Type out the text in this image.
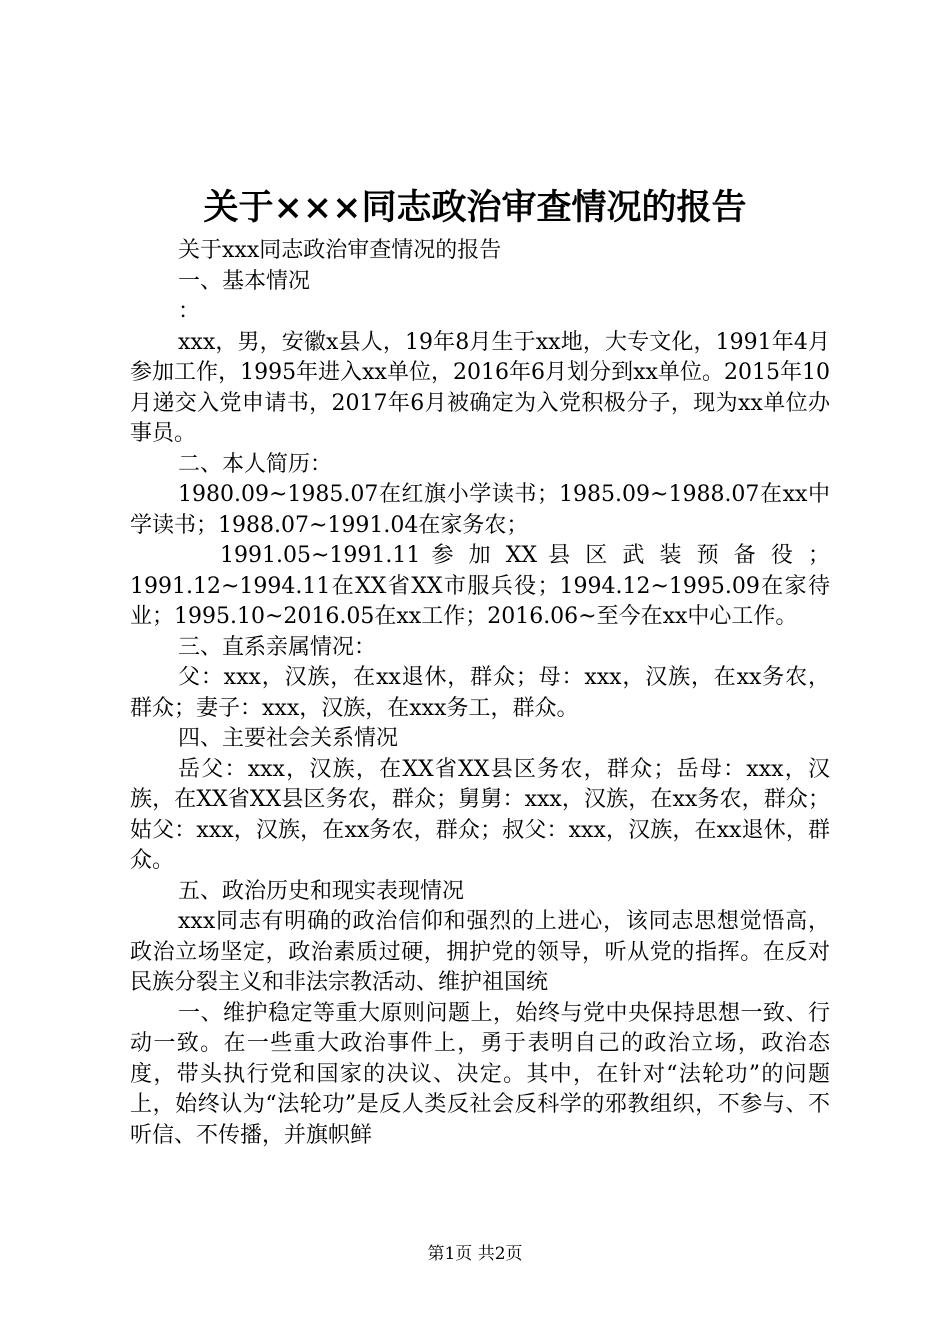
关于×××同志政治审查情况的报告

关于xxx同志政治审查情况的报告

一、基本情况

：

xxx，男，安徽x县人，19年8月生于xx地，大专文化，1991年4月参加工作，1995年进入xx单位，2016年6月划分到xx单位。2015年10月递交入党申请书，2017年6月被确定为入党积极分子，现为xx单位办事员。

二、本人简历：

1980.09~1985.07在红旗小学读书；1985.09~1988.07在xx中学读书；1988.07~1991.04在家务农；

1991.05~1991.11 参 加 XX 县 区 武 装 预 备 役 ；1991.12~1994.11在XX省XX市服兵役；1994.12~1995.09在家待业；1995.10~2016.05在xx工作；2016.06~至今在xx中心工作。

三、直系亲属情况：

父：xxx，汉族，在xx退休，群众；母：xxx，汉族，在xx务农，群众；妻子：xxx，汉族，在xxx务工，群众。

四、主要社会关系情况

岳父：xxx，汉族，在XX省XX县区务农，群众；岳母：xxx，汉族，在XX省XX县区务农，群众；舅舅：xxx，汉族，在xx务农，群众；姑父：xxx，汉族，在xx务农，群众；叔父：xxx，汉族，在xx退休，群众。

五、政治历史和现实表现情况

xxx同志有明确的政治信仰和强烈的上进心，该同志思想觉悟高，政治立场坚定，政治素质过硬，拥护党的领导，听从党的指挥。在反对民族分裂主义和非法宗教活动、维护祖国统

一、维护稳定等重大原则问题上，始终与党中央保持思想一致、行动一致。在一些重大政治事件上，勇于表明自己的政治立场，政治态度，带头执行党和国家的决议、决定。其中，在针对“法轮功”的问题上，始终认为“法轮功”是反人类反社会反科学的邪教组织，不参与、不听信、不传播，并旗帜鲜

第1页 共2页
